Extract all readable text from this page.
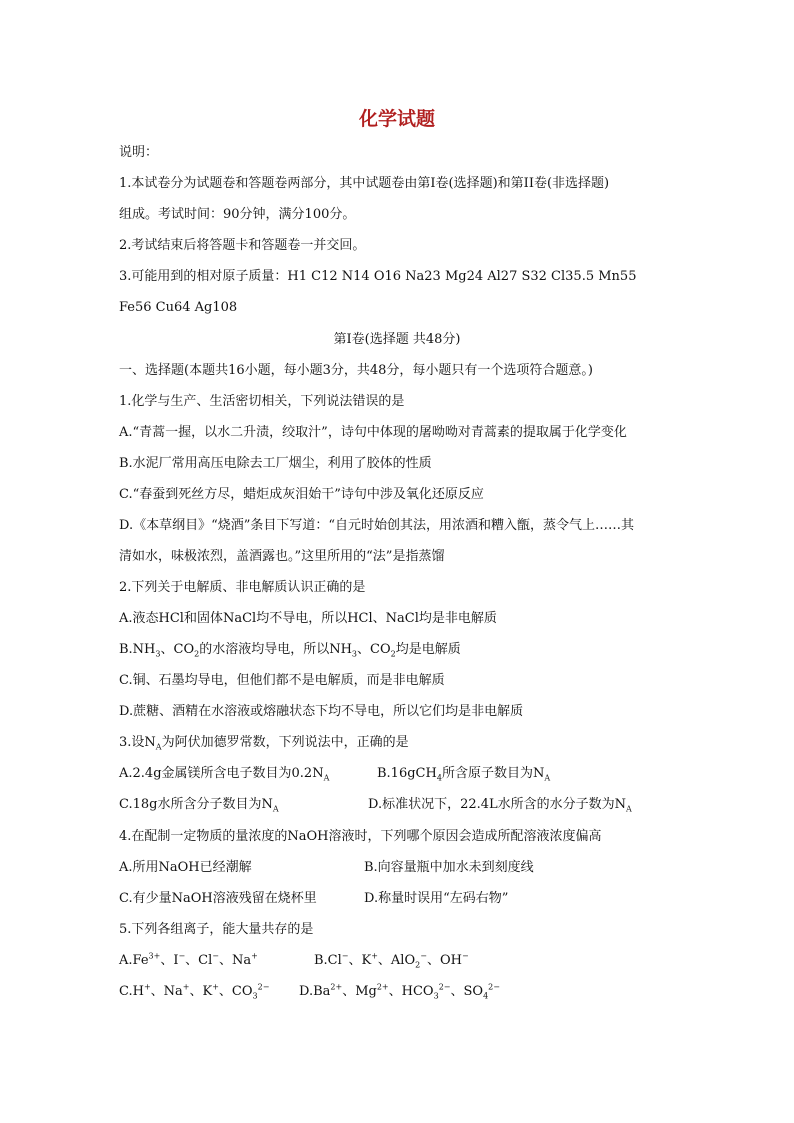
化学试题
说明：
1.本试卷分为试题卷和答题卷两部分，其中试题卷由第Ⅰ卷(选择题)和第II卷(非选择题)
组成。考试时间：90分钟，满分100分。
2.考试结束后将答题卡和答题卷一并交回。
3.可能用到的相对原子质量：H1 C12 N14 O16 Na23 Mg24 Al27 S32 Cl35.5 Mn55
Fe56 Cu64 Ag108
第Ⅰ卷(选择题 共48分)
一、选择题(本题共16小题，每小题3分，共48分，每小题只有一个选项符合题意。)
1.化学与生产、生活密切相关，下列说法错误的是
A.“青蒿一握，以水二升渍，绞取汁”，诗句中体现的屠呦呦对青蒿素的提取属于化学变化
B.水泥厂常用高压电除去工厂烟尘，利用了胶体的性质
C.“春蚕到死丝方尽，蜡炬成灰泪始干”诗句中涉及氧化还原反应
D.《本草纲目》“烧酒”条目下写道：“自元时始创其法，用浓酒和糟入甑，蒸令气上……其
清如水，味极浓烈，盖酒露也。”这里所用的“法”是指蒸馏
2.下列关于电解质、非电解质认识正确的是
A.液态HCl和固体NaCl均不导电，所以HCl、NaCl均是非电解质
$B.NH_3$、$CO_2$的水溶液均导电，所以$NH_3$、$CO_2$均是电解质
C.铜、石墨均导电，但他们都不是电解质，而是非电解质
D.蔗糖、酒精在水溶液或熔融状态下均不导电，所以它们均是非电解质
3.设$N_A$为阿伏加德罗常数，下列说法中，正确的是
A.2.4g金属镁所含电子数目为$0.2N_A$	B.16gCH$_4$所含原子数目为$N_A$
C.18g水所含分子数目为$N_A$	D.标准状况下，22.4L水所含的水分子数为$N_A$
4.在配制一定物质的量浓度的NaOH溶液时，下列哪个原因会造成所配溶液浓度偏高
A.所用NaOH已经潮解	B.向容量瓶中加水未到刻度线
C.有少量NaOH溶液残留在烧杯里	D.称量时误用“左码右物”
5.下列各组离子，能大量共存的是
$A.Fe^{3+}$、I−、Cl−、Na+	B.Cl−、K+、AlO$_2$−、OH−
C.H+、Na+、K+、$CO_3^{2-}$ $D.Ba^{2+}$、$Mg^{2+}$、$HCO_3^{2-}$、$SO_4^{2-}$
